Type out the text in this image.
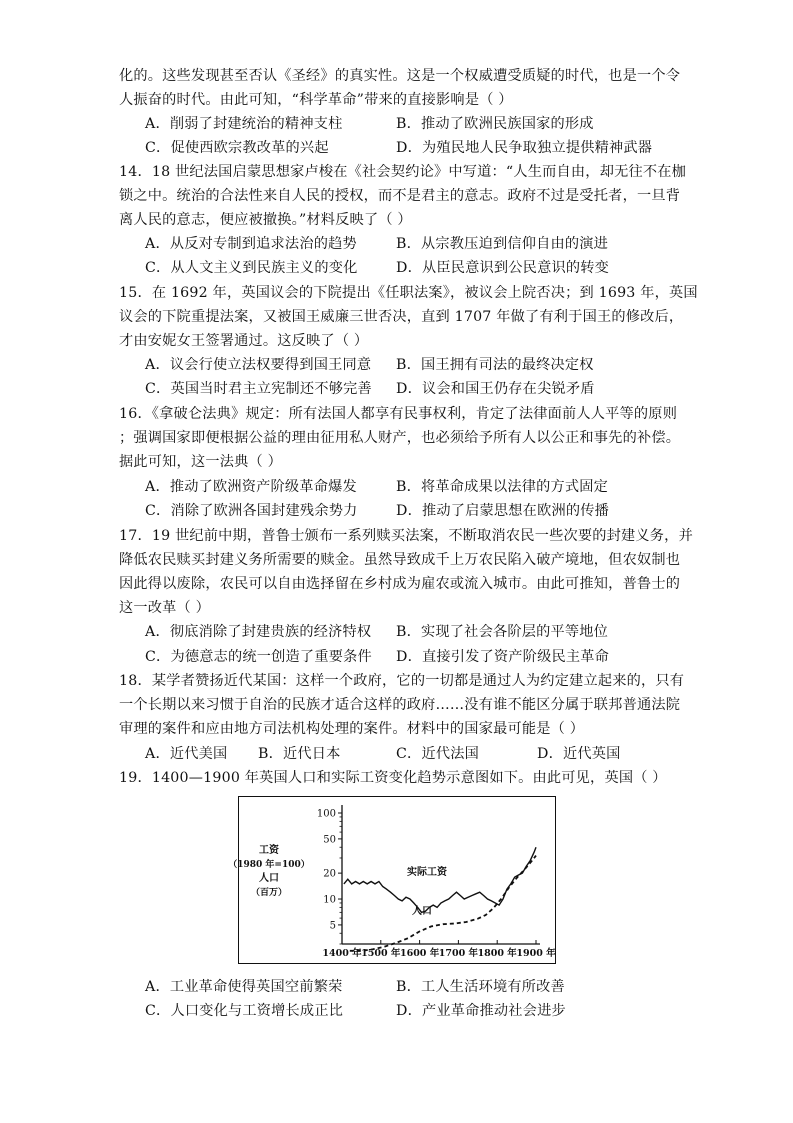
化的。这些发现甚至否认《圣经》的真实性。这是一个权威遭受质疑的时代，也是一个令
人振奋的时代。由此可知，“科学革命”带来的直接影响是（ ）
A．削弱了封建统治的精神支柱	B．推动了欧洲民族国家的形成
C．促使西欧宗教改革的兴起	D．为殖民地人民争取独立提供精神武器
14．18 世纪法国启蒙思想家卢梭在《社会契约论》中写道：“人生而自由，却无往不在枷
锁之中。统治的合法性来自人民的授权，而不是君主的意志。政府不过是受托者，一旦背
离人民的意志，便应被撤换。”材料反映了（ ）
A．从反对专制到追求法治的趋势	B．从宗教压迫到信仰自由的演进
C．从人文主义到民族主义的变化	D．从臣民意识到公民意识的转变
15．在 1692 年，英国议会的下院提出《任职法案》，被议会上院否决；到 1693 年，英国
议会的下院重提法案，又被国王威廉三世否决，直到 1707 年做了有利于国王的修改后，
才由安妮女王签署通过。这反映了（ ）
A．议会行使立法权要得到国王同意 B．国王拥有司法的最终决定权
C．英国当时君主立宪制还不够完善 D．议会和国王仍存在尖锐矛盾
16．《拿破仑法典》规定：所有法国人都享有民事权利，肯定了法律面前人人平等的原则
；强调国家即便根据公益的理由征用私人财产，也必须给予所有人以公正和事先的补偿。
据此可知，这一法典（ ）
A．推动了欧洲资产阶级革命爆发	B．将革命成果以法律的方式固定
C．消除了欧洲各国封建残余势力	D．推动了启蒙思想在欧洲的传播
17．19 世纪前中期，普鲁士颁布一系列赎买法案，不断取消农民一些次要的封建义务，并
降低农民赎买封建义务所需要的赎金。虽然导致成千上万农民陷入破产境地，但农奴制也
因此得以废除，农民可以自由选择留在乡村成为雇农或流入城市。由此可推知，普鲁士的
这一改革（ ）
A．彻底消除了封建贵族的经济特权 B．实现了社会各阶层的平等地位
C．为德意志的统一创造了重要条件 D．直接引发了资产阶级民主革命
18．某学者赞扬近代某国：这样一个政府，它的一切都是通过人为约定建立起来的，只有
一个长期以来习惯于自治的民族才适合这样的政府……没有谁不能区分属于联邦普通法院
审理的案件和应由地方司法机构处理的案件。材料中的国家最可能是（ ）
A．近代美国 B．近代日本	C．近代法国	D．近代英国
19．1400—1900 年英国人口和实际工资变化趋势示意图如下。由此可见，英国（ ）
工资
（1980 年=100）
人口
（百万）
100
50
20
10
5
1400 年 1500 年 1600 年 1700 年 1800 年 1900 年
实际工资
人口
A．工业革命使得英国空前繁荣	B．工人生活环境有所改善
C．人口变化与工资增长成正比	D．产业革命推动社会进步
